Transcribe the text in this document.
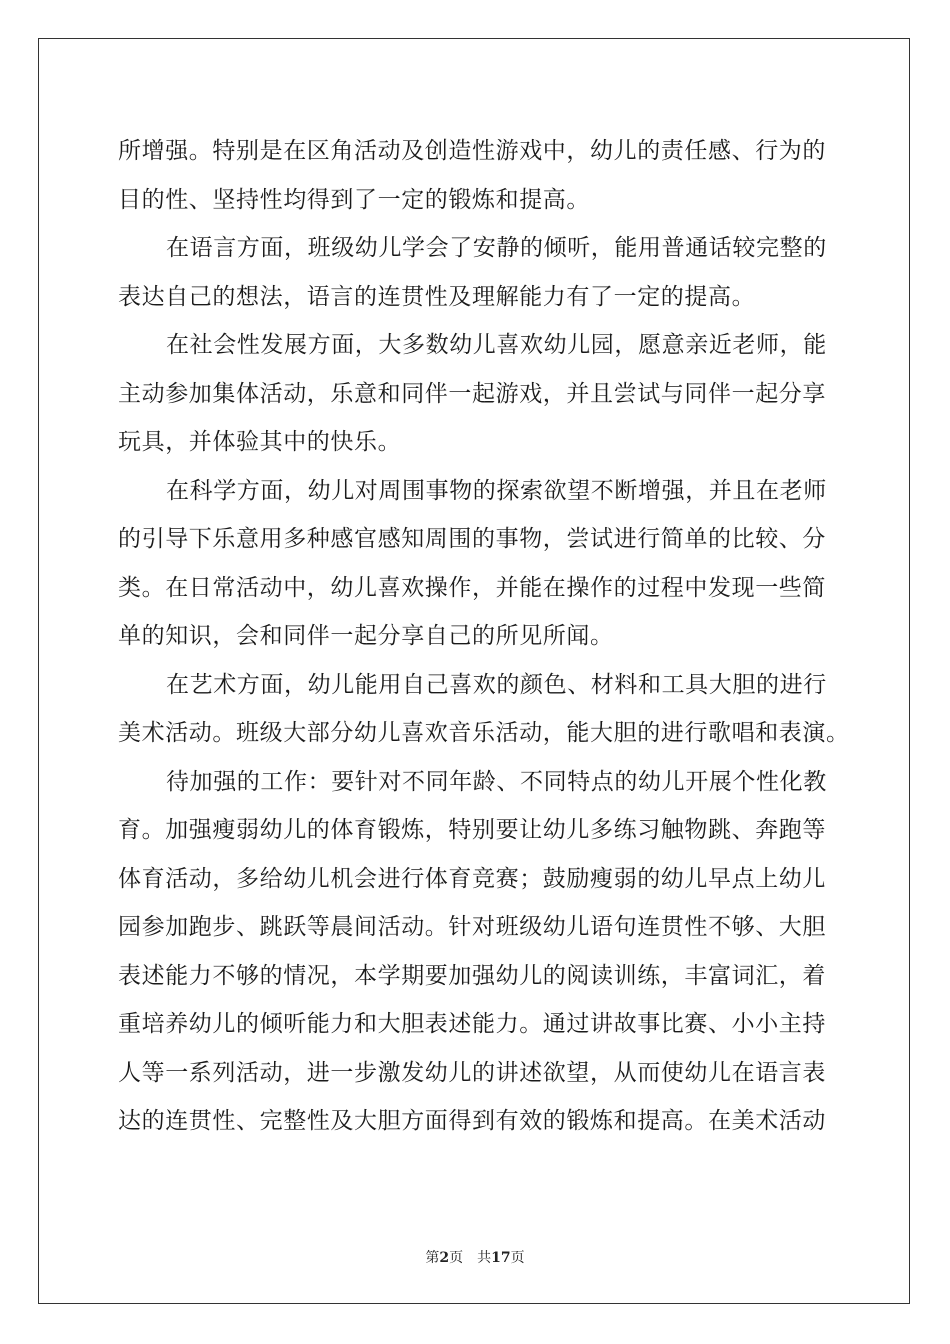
所增强。特别是在区角活动及创造性游戏中，幼儿的责任感、行为的
目的性、坚持性均得到了一定的锻炼和提高。
在语言方面，班级幼儿学会了安静的倾听，能用普通话较完整的
表达自己的想法，语言的连贯性及理解能力有了一定的提高。
在社会性发展方面，大多数幼儿喜欢幼儿园，愿意亲近老师，能
主动参加集体活动，乐意和同伴一起游戏，并且尝试与同伴一起分享
玩具，并体验其中的快乐。
在科学方面，幼儿对周围事物的探索欲望不断增强，并且在老师
的引导下乐意用多种感官感知周围的事物，尝试进行简单的比较、分
类。在日常活动中，幼儿喜欢操作，并能在操作的过程中发现一些简
单的知识，会和同伴一起分享自己的所见所闻。
在艺术方面，幼儿能用自己喜欢的颜色、材料和工具大胆的进行
美术活动。班级大部分幼儿喜欢音乐活动，能大胆的进行歌唱和表演。
待加强的工作：要针对不同年龄、不同特点的幼儿开展个性化教
育。加强瘦弱幼儿的体育锻炼，特别要让幼儿多练习触物跳、奔跑等
体育活动，多给幼儿机会进行体育竞赛；鼓励瘦弱的幼儿早点上幼儿
园参加跑步、跳跃等晨间活动。针对班级幼儿语句连贯性不够、大胆
表述能力不够的情况，本学期要加强幼儿的阅读训练，丰富词汇，着
重培养幼儿的倾听能力和大胆表述能力。通过讲故事比赛、小小主持
人等一系列活动，进一步激发幼儿的讲述欲望，从而使幼儿在语言表
达的连贯性、完整性及大胆方面得到有效的锻炼和提高。在美术活动
第2页 共17页
